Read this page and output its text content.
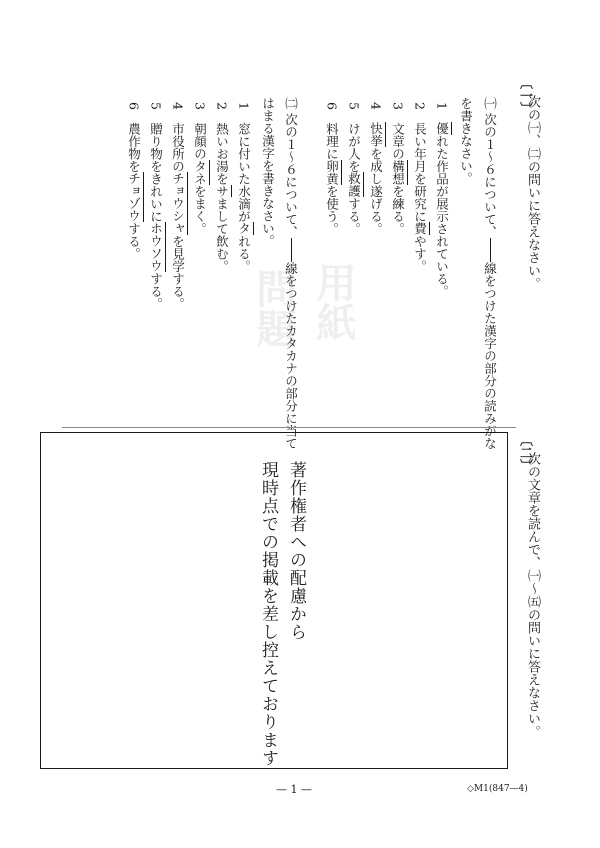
問題
用紙
〔一〕
次の㈠、㈡の問いに答えなさい。
㈠
次の１～６について、線をつけた漢字の部分の読みがな
を書きなさい。
1　優れた作品が展示されている。
2　長い年月を研究に費やす。
3　文章の構想を練る。
4　快挙を成し遂げる。
5　けが人を救護する。
6　料理に卵黄を使う。
㈡
次の１～６について、線をつけたカタカナの部分に当て
はまる漢字を書きなさい。
1　窓に付いた水滴がタれる。
2　熱いお湯をサまして飲む。
3　朝顔のタネをまく。
4　市役所のチョウシャを見学する。
5　贈り物をきれいにホウソウする。
6　農作物をチョゾウする。
〔二〕
次の文章を読んで、㈠～㈤の問いに答えなさい。
著作権者への配慮から
現時点での掲載を差し控えております
— 1 —	◇M1(847—4)
